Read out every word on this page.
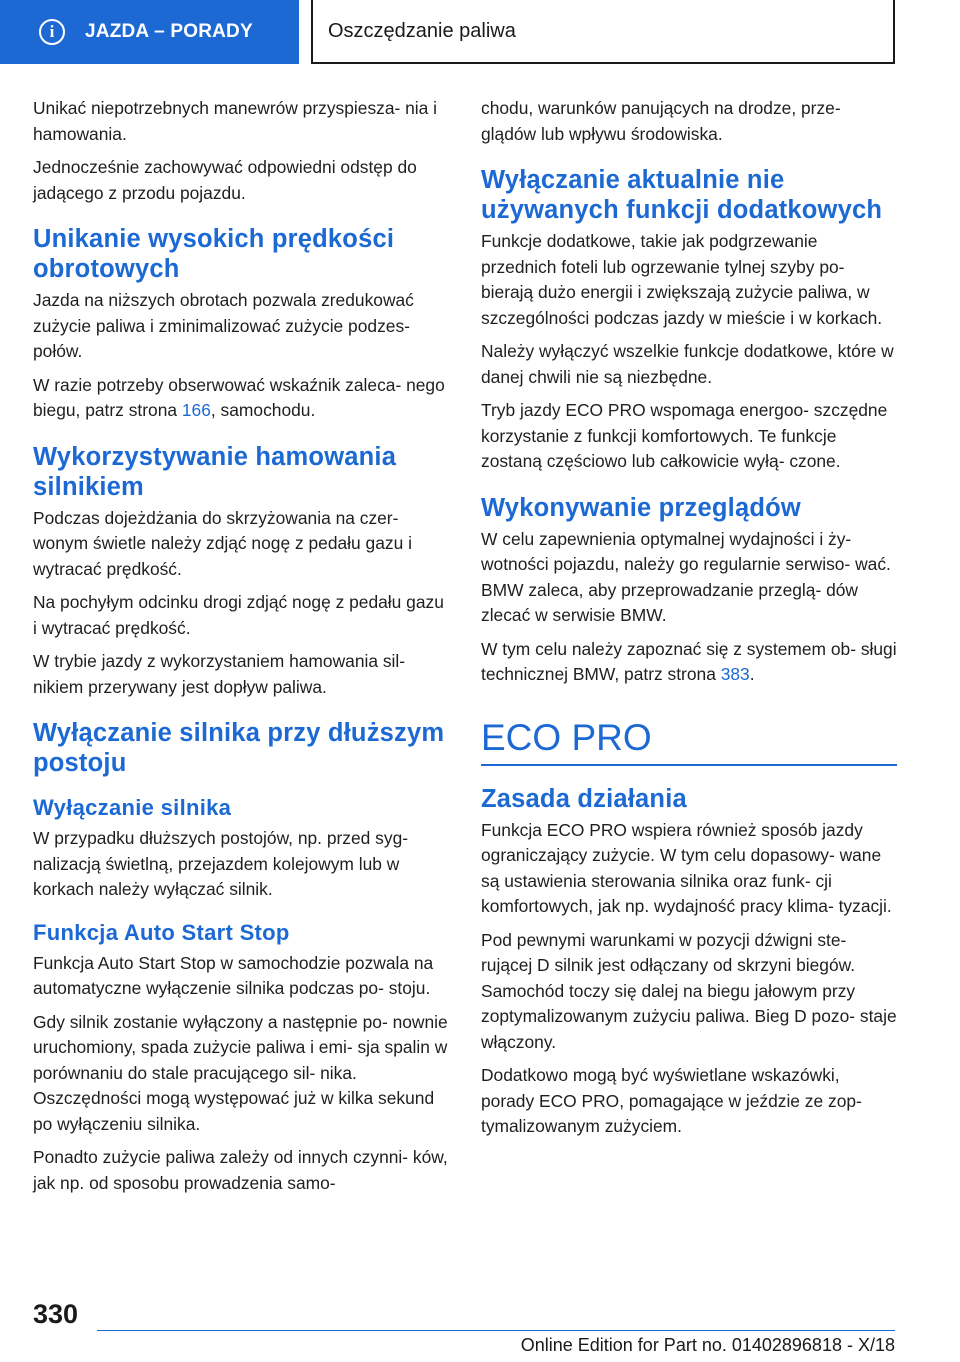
i	JAZDA – PORADY	Oszczędzanie paliwa

Unikać niepotrzebnych manewrów przyspiesza‐ nia i hamowania.

Jednocześnie zachowywać odpowiedni odstęp do jadącego z przodu pojazdu.

Unikanie wysokich prędkości obrotowych

Jazda na niższych obrotach pozwala zredukować zużycie paliwa i zminimalizować zużycie podzes‐ połów.

W razie potrzeby obserwować wskaźnik zaleca‐ nego biegu, patrz strona 166, samochodu.

Wykorzystywanie hamowania silnikiem

Podczas dojeżdżania do skrzyżowania na czer‐ wonym świetle należy zdjąć nogę z pedału gazu i wytracać prędkość.

Na pochyłym odcinku drogi zdjąć nogę z pedału gazu i wytracać prędkość.

W trybie jazdy z wykorzystaniem hamowania sil‐ nikiem przerywany jest dopływ paliwa.

Wyłączanie silnika przy dłuższym postoju
Wyłączanie silnika

W przypadku dłuższych postojów, np. przed syg‐ nalizacją świetlną, przejazdem kolejowym lub w korkach należy wyłączać silnik.

Funkcja Auto Start Stop

Funkcja Auto Start Stop w samochodzie pozwala na automatyczne wyłączenie silnika podczas po‐ stoju.

Gdy silnik zostanie wyłączony a następnie po‐ nownie uruchomiony, spada zużycie paliwa i emi‐ sja spalin w porównaniu do stale pracującego sil‐ nika. Oszczędności mogą występować już w kilka sekund po wyłączeniu silnika.

Ponadto zużycie paliwa zależy od innych czynni‐ ków, jak np. od sposobu prowadzenia samo‐

chodu, warunków panujących na drodze, prze‐ glądów lub wpływu środowiska.

Wyłączanie aktualnie nie używanych funkcji dodatkowych

Funkcje dodatkowe, takie jak podgrzewanie przednich foteli lub ogrzewanie tylnej szyby po‐ bierają dużo energii i zwiększają zużycie paliwa, w szczególności podczas jazdy w mieście i w korkach.

Należy wyłączyć wszelkie funkcje dodatkowe, które w danej chwili nie są niezbędne.

Tryb jazdy ECO PRO wspomaga energoo‐ szczędne korzystanie z funkcji komfortowych. Te funkcje zostaną częściowo lub całkowicie wyłą‐ czone.

Wykonywanie przeglądów

W celu zapewnienia optymalnej wydajności i ży‐ wotności pojazdu, należy go regularnie serwiso‐ wać. BMW zaleca, aby przeprowadzanie przeglą‐ dów zlecać w serwisie BMW.

W tym celu należy zapoznać się z systemem ob‐ sługi technicznej BMW, patrz strona 383.

ECO PRO
Zasada działania

Funkcja ECO PRO wspiera również sposób jazdy ograniczający zużycie. W tym celu dopasowy‐ wane są ustawienia sterowania silnika oraz funk‐ cji komfortowych, jak np. wydajność pracy klima‐ tyzacji.

Pod pewnymi warunkami w pozycji dźwigni ste‐ rującej D silnik jest odłączany od skrzyni biegów. Samochód toczy się dalej na biegu jałowym przy zoptymalizowanym zużyciu paliwa. Bieg D pozo‐ staje włączony.

Dodatkowo mogą być wyświetlane wskazówki, porady ECO PRO, pomagające w jeździe ze zop‐ tymalizowanym zużyciem.

330
Online Edition for Part no. 01402896818 - X/18
